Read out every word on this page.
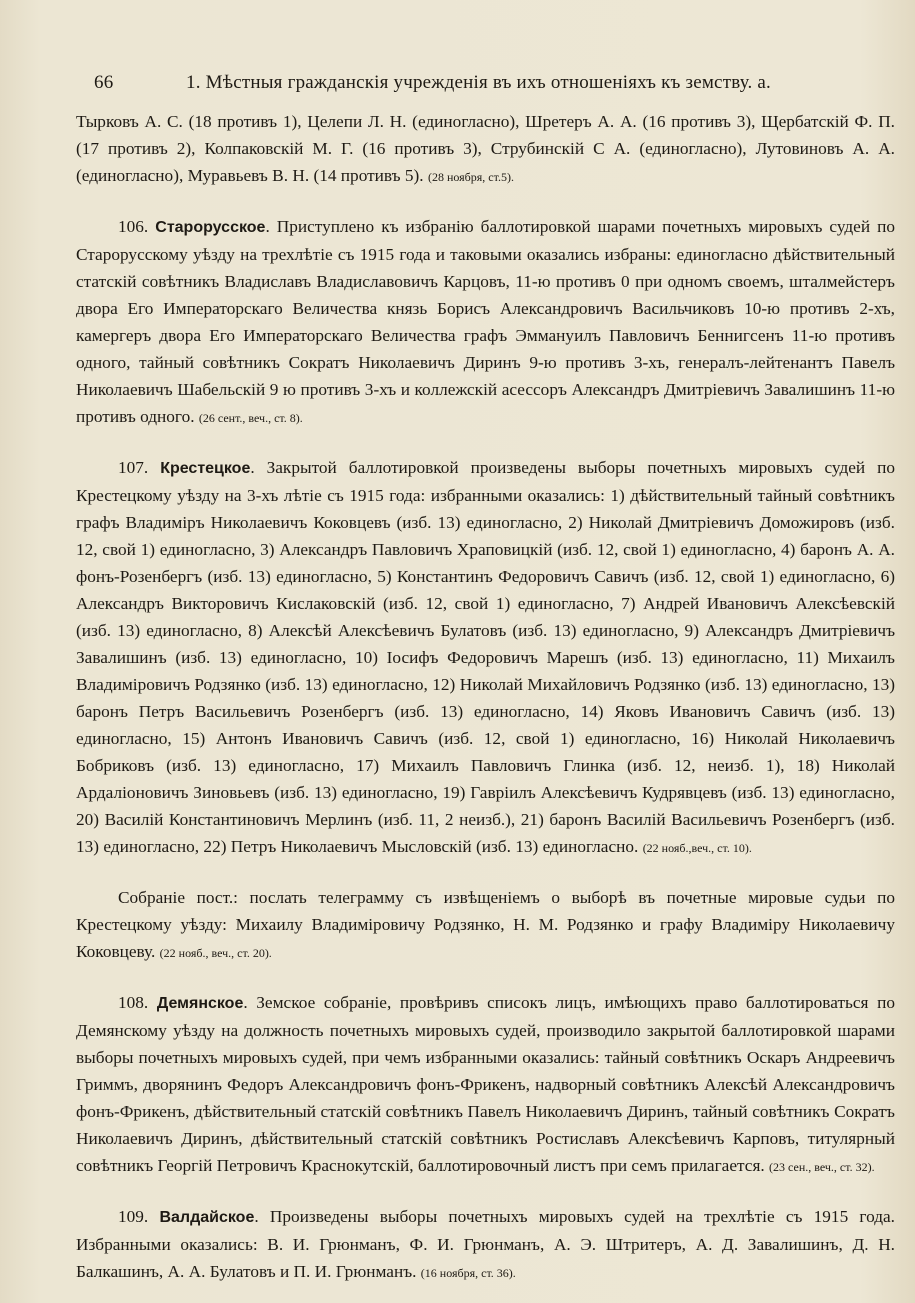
66	1. Мѣстныя гражданскія учрежденія въ ихъ отношеніяхъ къ земству. а.

Тырковъ А. С. (18 противъ 1), Целепи Л. Н. (единогласно), Шретеръ А. А. (16 противъ 3), Щербатскій Ф. П. (17 противъ 2), Колпаковскій М. Г. (16 противъ 3), Струбинскій С А. (единогласно), Лутовиновъ А. А. (единогласно), Муравьевъ В. Н. (14 противъ 5). (28 ноября, ст.5).

106. Старорусское. Приступлено къ избранію баллотировкой шарами почетныхъ мировыхъ судей по Старорусскому уѣзду на трехлѣтіе съ 1915 года и таковыми оказались избраны: единогласно дѣйствительный статскій совѣтникъ Владиславъ Владиславовичъ Карцовъ, 11-ю противъ 0 при одномъ своемъ, шталмейстеръ двора Его Императорскаго Величества князь Борисъ Александровичъ Васильчиковъ 10-ю противъ 2-хъ, камергеръ двора Его Императорскаго Величества графъ Эммануилъ Павловичъ Беннигсенъ 11-ю противъ одного, тайный совѣтникъ Сократъ Николаевичъ Диринъ 9-ю противъ 3-хъ, генералъ-лейтенантъ Павелъ Николаевичъ Шабельскій 9 ю противъ 3-хъ и коллежскій асессоръ Александръ Дмитріевичъ Завалишинъ 11-ю противъ одного. (26 сент., веч., ст. 8).

107. Крестецкое. Закрытой баллотировкой произведены выборы почетныхъ мировыхъ судей по Крестецкому уѣзду на 3-хъ лѣтіе съ 1915 года: избранными оказались: 1) дѣйствительный тайный совѣтникъ графъ Владиміръ Николаевичъ Коковцевъ (изб. 13) единогласно, 2) Николай Дмитріевичъ Доможировъ (изб. 12, свой 1) единогласно, 3) Александръ Павловичъ Храповицкій (изб. 12, свой 1) единогласно, 4) баронъ А. А. фонъ-Розенбергъ (изб. 13) единогласно, 5) Константинъ Федоровичъ Савичъ (изб. 12, свой 1) единогласно, 6) Александръ Викторовичъ Кислаковскій (изб. 12, свой 1) единогласно, 7) Андрей Ивановичъ Алексѣевскій (изб. 13) единогласно, 8) Алексѣй Алексѣевичъ Булатовъ (изб. 13) единогласно, 9) Александръ Дмитріевичъ Завалишинъ (изб. 13) единогласно, 10) Іосифъ Федоровичъ Марешъ (изб. 13) единогласно, 11) Михаилъ Владиміровичъ Родзянко (изб. 13) единогласно, 12) Николай Михайловичъ Родзянко (изб. 13) единогласно, 13) баронъ Петръ Васильевичъ Розенбергъ (изб. 13) единогласно, 14) Яковъ Ивановичъ Савичъ (изб. 13) единогласно, 15) Антонъ Ивановичъ Савичъ (изб. 12, свой 1) единогласно, 16) Николай Николаевичъ Бобриковъ (изб. 13) единогласно, 17) Михаилъ Павловичъ Глинка (изб. 12, неизб. 1), 18) Николай Ардаліоновичъ Зиновьевъ (изб. 13) единогласно, 19) Гавріилъ Алексѣевичъ Кудрявцевъ (изб. 13) единогласно, 20) Василій Константиновичъ Мерлинъ (изб. 11, 2 неизб.), 21) баронъ Василій Васильевичъ Розенбергъ (изб. 13) единогласно, 22) Петръ Николаевичъ Мысловскій (изб. 13) единогласно. (22 нояб.,веч., ст. 10).

Собраніе пост.: послать телеграмму съ извѣщеніемъ о выборѣ въ почетные мировые судьи по Крестецкому уѣзду: Михаилу Владиміровичу Родзянко, Н. М. Родзянко и графу Владиміру Николаевичу Коковцеву. (22 нояб., веч., ст. 20).

108. Демянское. Земское собраніе, провѣривъ списокъ лицъ, имѣющихъ право баллотироваться по Демянскому уѣзду на должность почетныхъ мировыхъ судей, производило закрытой баллотировкой шарами выборы почетныхъ мировыхъ судей, при чемъ избранными оказались: тайный совѣтникъ Оскаръ Андреевичъ Гриммъ, дворянинъ Федоръ Александровичъ фонъ-Фрикенъ, надворный совѣтникъ Алексѣй Александровичъ фонъ-Фрикенъ, дѣйствительный статскій совѣтникъ Павелъ Николаевичъ Диринъ, тайный совѣтникъ Сократъ Николаевичъ Диринъ, дѣйствительный статскій совѣтникъ Ростиславъ Алексѣевичъ Карповъ, титулярный совѣтникъ Георгій Петровичъ Краснокутскій, баллотировочный листъ при семъ прилагается. (23 сен., веч., ст. 32).

109. Валдайское. Произведены выборы почетныхъ мировыхъ судей на трехлѣтіе съ 1915 года. Избранными оказались: В. И. Грюнманъ, Ф. И. Грюнманъ, А. Э. Штритеръ, А. Д. Завалишинъ, Д. Н. Балкашинъ, А. А. Булатовъ и П. И. Грюнманъ. (16 ноября, ст. 36).
